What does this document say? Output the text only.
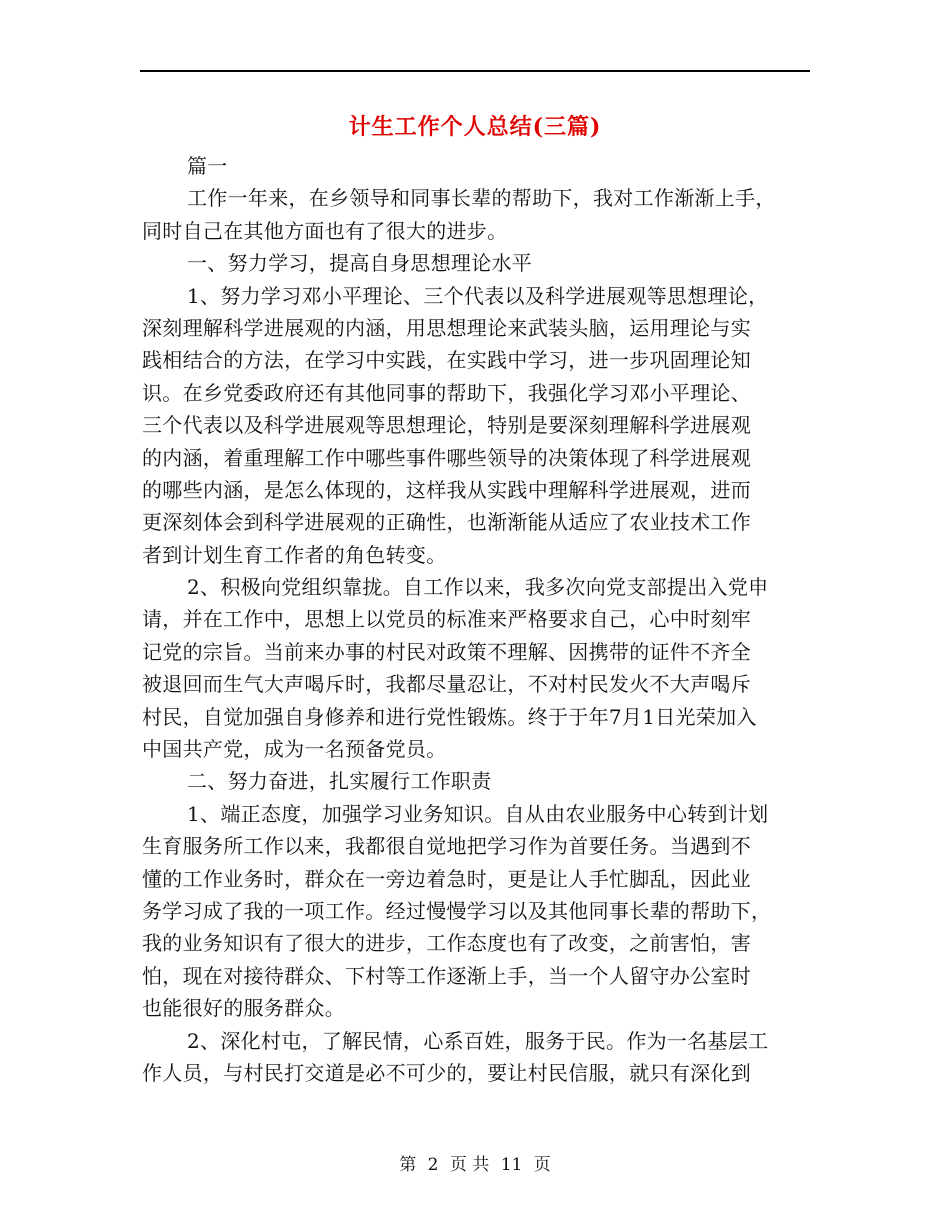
计生工作个人总结(三篇)
篇一
工作一年来，在乡领导和同事长辈的帮助下，我对工作渐渐上手，
同时自己在其他方面也有了很大的进步。
一、努力学习，提高自身思想理论水平
1、努力学习邓小平理论、三个代表以及科学进展观等思想理论，
深刻理解科学进展观的内涵，用思想理论来武装头脑，运用理论与实
践相结合的方法，在学习中实践，在实践中学习，进一步巩固理论知
识。在乡党委政府还有其他同事的帮助下，我强化学习邓小平理论、
三个代表以及科学进展观等思想理论，特别是要深刻理解科学进展观
的内涵，着重理解工作中哪些事件哪些领导的决策体现了科学进展观
的哪些内涵，是怎么体现的，这样我从实践中理解科学进展观，进而
更深刻体会到科学进展观的正确性，也渐渐能从适应了农业技术工作
者到计划生育工作者的角色转变。
2、积极向党组织靠拢。自工作以来，我多次向党支部提出入党申
请，并在工作中，思想上以党员的标准来严格要求自己，心中时刻牢
记党的宗旨。当前来办事的村民对政策不理解、因携带的证件不齐全
被退回而生气大声喝斥时，我都尽量忍让，不对村民发火不大声喝斥
村民，自觉加强自身修养和进行党性锻炼。终于于年7月1日光荣加入
中国共产党，成为一名预备党员。
二、努力奋进，扎实履行工作职责
1、端正态度，加强学习业务知识。自从由农业服务中心转到计划
生育服务所工作以来，我都很自觉地把学习作为首要任务。当遇到不
懂的工作业务时，群众在一旁边着急时，更是让人手忙脚乱，因此业
务学习成了我的一项工作。经过慢慢学习以及其他同事长辈的帮助下，
我的业务知识有了很大的进步，工作态度也有了改变，之前害怕，害
怕，现在对接待群众、下村等工作逐渐上手，当一个人留守办公室时
也能很好的服务群众。
2、深化村屯，了解民情，心系百姓，服务于民。作为一名基层工
作人员，与村民打交道是必不可少的，要让村民信服，就只有深化到
第 2 页 共 11 页
